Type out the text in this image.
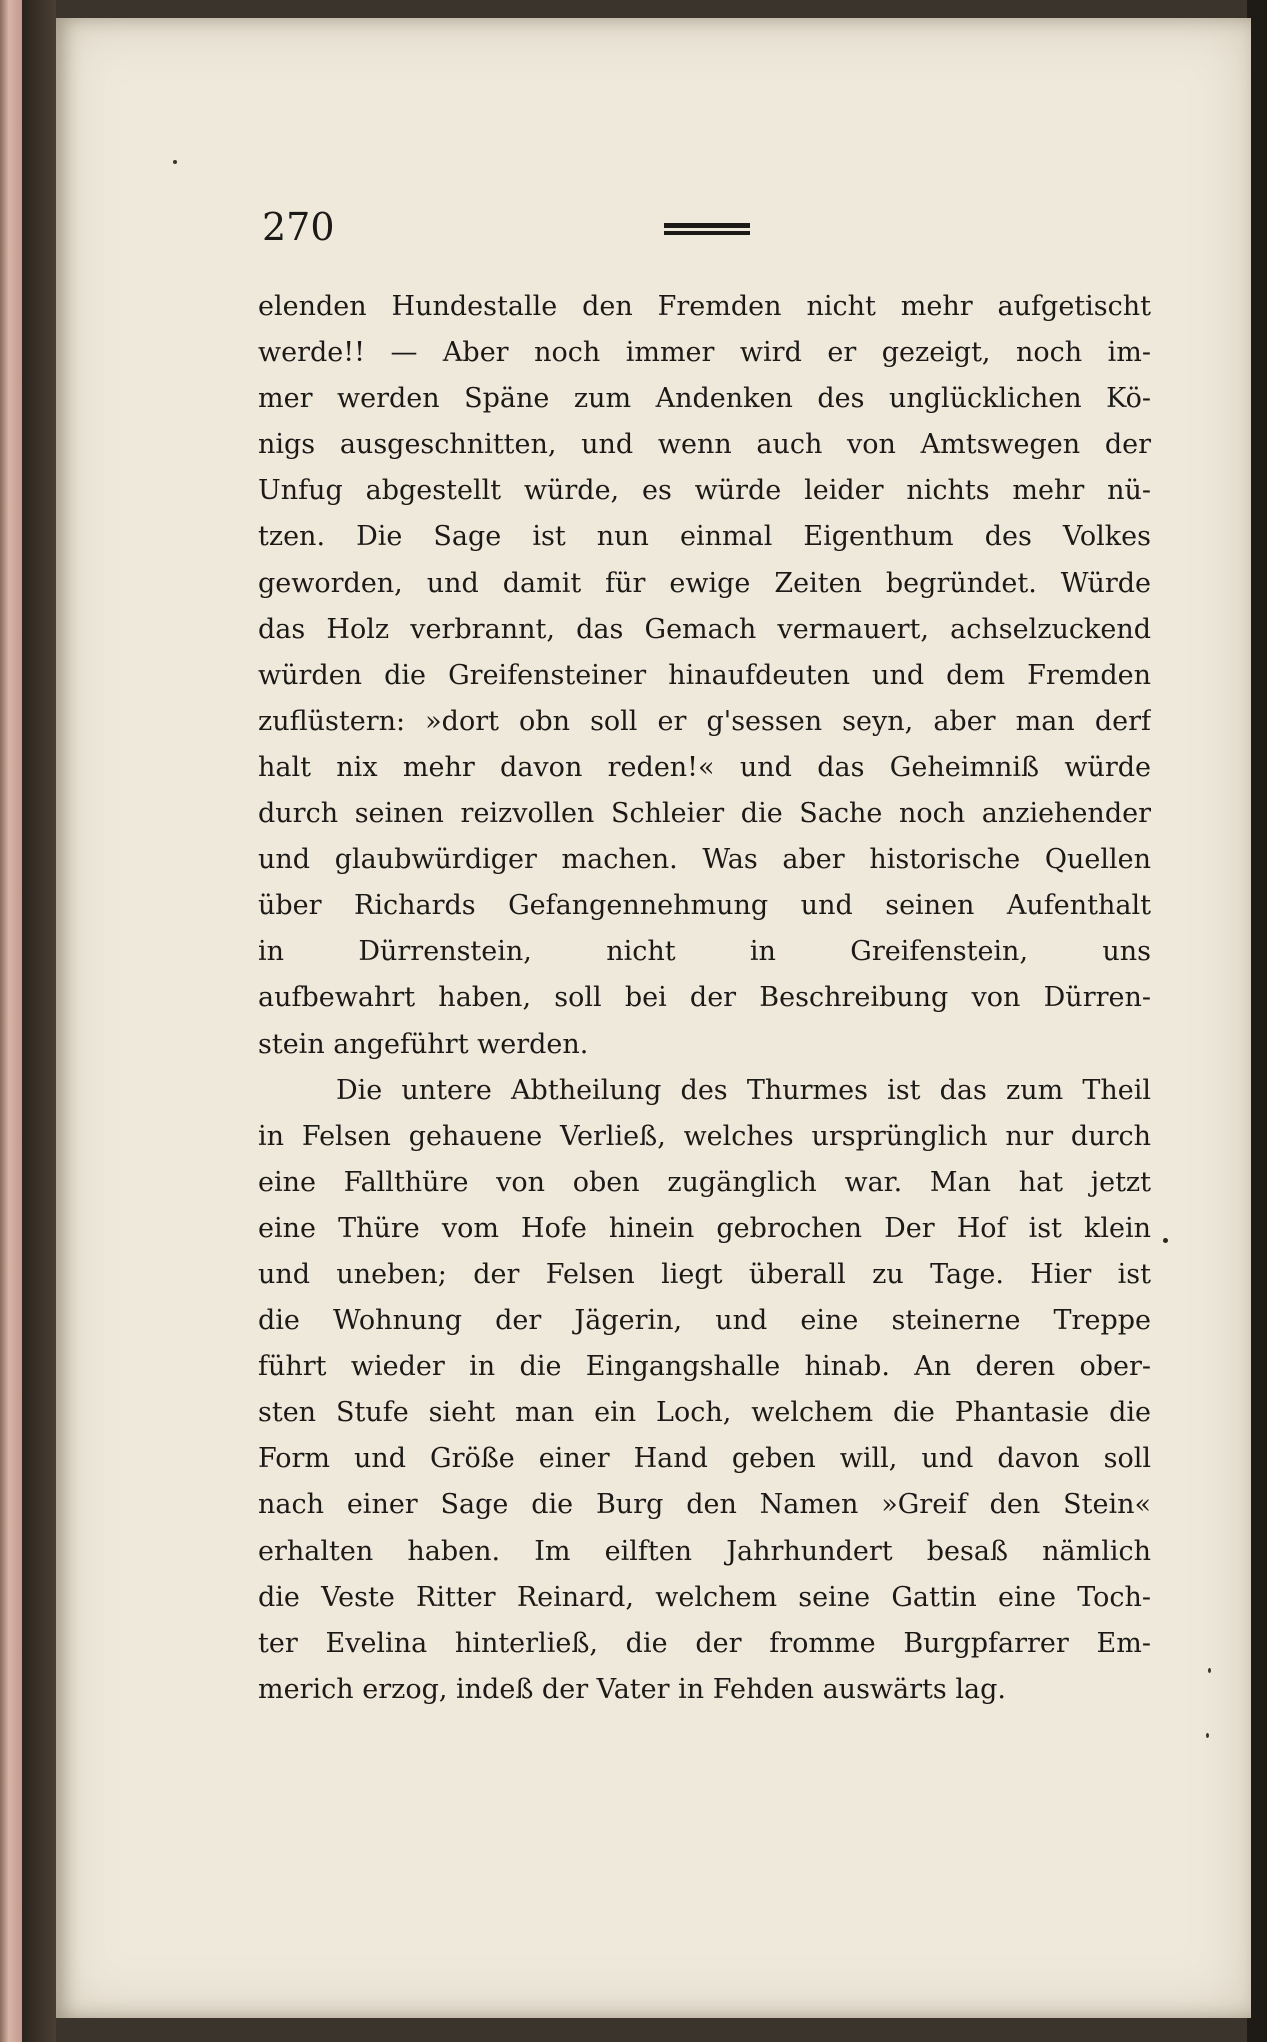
270
elenden Hundestalle den Fremden nicht mehr aufgetischt
werde!! — Aber noch immer wird er gezeigt, noch im-
mer werden Späne zum Andenken des unglücklichen Kö-
nigs ausgeschnitten, und wenn auch von Amtswegen der
Unfug abgestellt würde, es würde leider nichts mehr nü-
tzen. Die Sage ist nun einmal Eigenthum des Volkes
geworden, und damit für ewige Zeiten begründet. Würde
das Holz verbrannt, das Gemach vermauert, achselzuckend
würden die Greifensteiner hinaufdeuten und dem Fremden
zuflüstern: »dort obn soll er g'sessen seyn, aber man derf
halt nix mehr davon reden!« und das Geheimniß würde
durch seinen reizvollen Schleier die Sache noch anziehender
und glaubwürdiger machen. Was aber historische Quellen
über Richards Gefangennehmung und seinen Aufenthalt
in Dürrenstein, nicht in Greifenstein, uns
aufbewahrt haben, soll bei der Beschreibung von Dürren-
stein angeführt werden.
Die untere Abtheilung des Thurmes ist das zum Theil
in Felsen gehauene Verließ, welches ursprünglich nur durch
eine Fallthüre von oben zugänglich war. Man hat jetzt
eine Thüre vom Hofe hinein gebrochen Der Hof ist klein
und uneben; der Felsen liegt überall zu Tage. Hier ist
die Wohnung der Jägerin, und eine steinerne Treppe
führt wieder in die Eingangshalle hinab. An deren ober-
sten Stufe sieht man ein Loch, welchem die Phantasie die
Form und Größe einer Hand geben will, und davon soll
nach einer Sage die Burg den Namen »Greif den Stein«
erhalten haben. Im eilften Jahrhundert besaß nämlich
die Veste Ritter Reinard, welchem seine Gattin eine Toch-
ter Evelina hinterließ, die der fromme Burgpfarrer Em-
merich erzog, indeß der Vater in Fehden auswärts lag.
